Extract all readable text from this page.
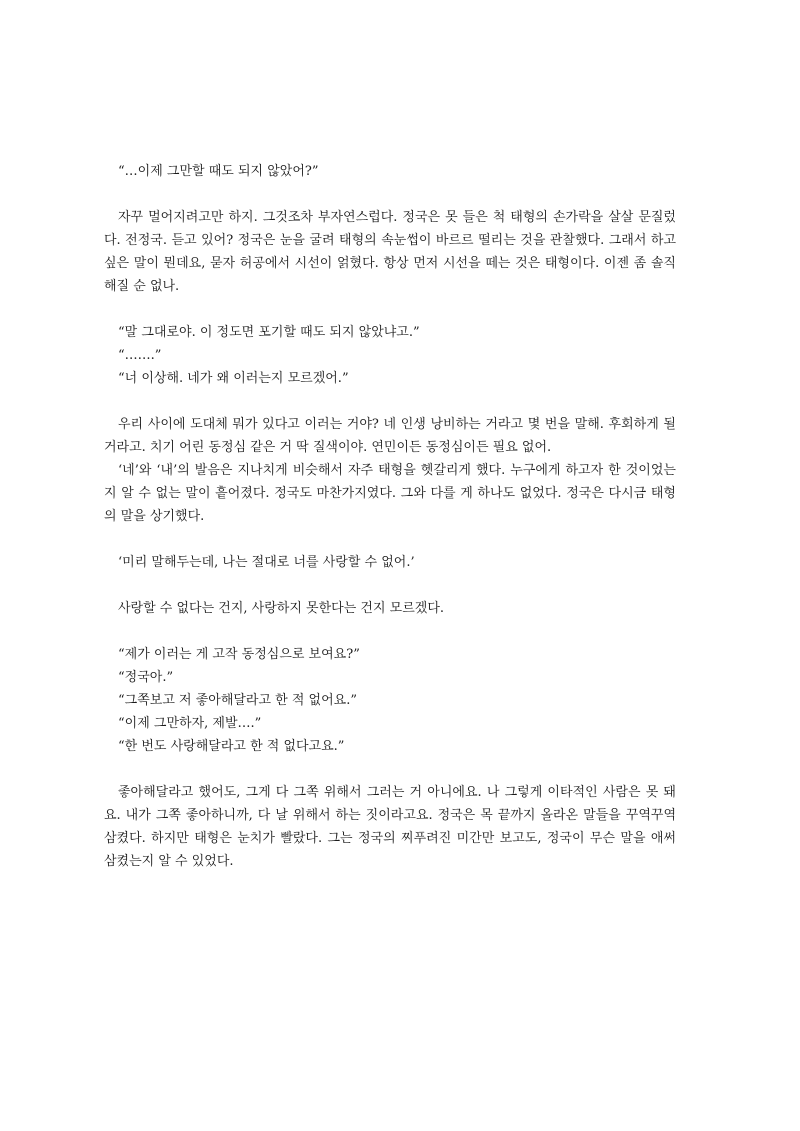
“…이제 그만할 때도 되지 않았어?”

자꾸 멀어지려고만 하지. 그것조차 부자연스럽다. 정국은 못 들은 척 태형의 손가락을 살살 문질렀다. 전정국. 듣고 있어? 정국은 눈을 굴려 태형의 속눈썹이 바르르 떨리는 것을 관찰했다. 그래서 하고 싶은 말이 뭔데요, 묻자 허공에서 시선이 얽혔다. 항상 먼저 시선을 떼는 것은 태형이다. 이젠 좀 솔직해질 순 없나.

“말 그대로야. 이 정도면 포기할 때도 되지 않았냐고.”

“…….”

“너 이상해. 네가 왜 이러는지 모르겠어.”

우리 사이에 도대체 뭐가 있다고 이러는 거야? 네 인생 낭비하는 거라고 몇 번을 말해. 후회하게 될 거라고. 치기 어린 동정심 같은 거 딱 질색이야. 연민이든 동정심이든 필요 없어.

‘네’와 ‘내’의 발음은 지나치게 비슷해서 자주 태형을 헷갈리게 했다. 누구에게 하고자 한 것이었는지 알 수 없는 말이 흩어졌다. 정국도 마찬가지였다. 그와 다를 게 하나도 없었다. 정국은 다시금 태형의 말을 상기했다.

‘미리 말해두는데, 나는 절대로 너를 사랑할 수 없어.’

사랑할 수 없다는 건지, 사랑하지 못한다는 건지 모르겠다.

“제가 이러는 게 고작 동정심으로 보여요?”

“정국아.”

“그쪽보고 저 좋아해달라고 한 적 없어요.”

“이제 그만하자, 제발….”

“한 번도 사랑해달라고 한 적 없다고요.”

좋아해달라고 했어도, 그게 다 그쪽 위해서 그러는 거 아니에요. 나 그렇게 이타적인 사람은 못 돼요. 내가 그쪽 좋아하니까, 다 날 위해서 하는 짓이라고요. 정국은 목 끝까지 올라온 말들을 꾸역꾸역 삼켰다. 하지만 태형은 눈치가 빨랐다. 그는 정국의 찌푸려진 미간만 보고도, 정국이 무슨 말을 애써 삼켰는지 알 수 있었다.
